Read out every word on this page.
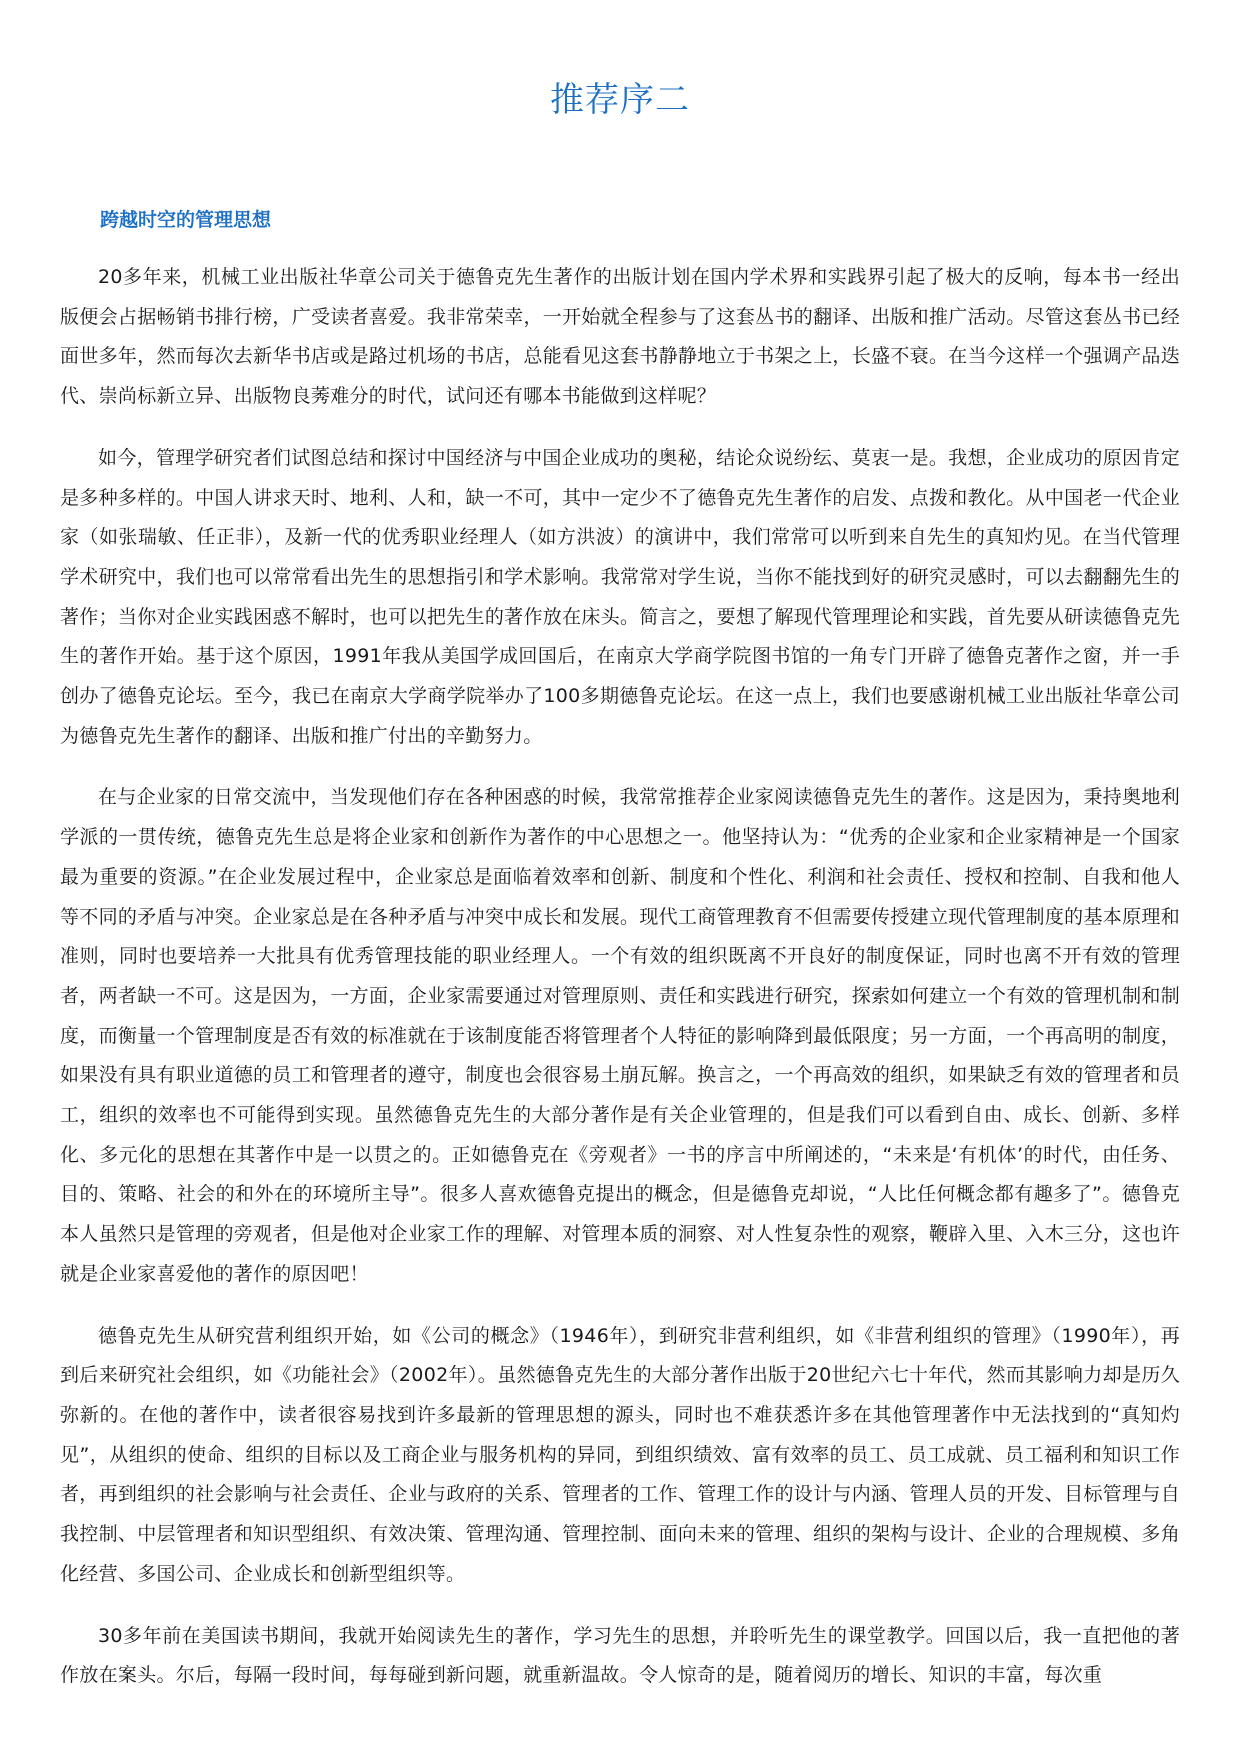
推荐序二
跨越时空的管理思想

20多年来，机械工业出版社华章公司关于德鲁克先生著作的出版计划在国内学术界和实践界引起了极大的反响，每本书一经出版便会占据畅销书排行榜，广受读者喜爱。我非常荣幸，一开始就全程参与了这套丛书的翻译、出版和推广活动。尽管这套丛书已经面世多年，然而每次去新华书店或是路过机场的书店，总能看见这套书静静地立于书架之上，长盛不衰。在当今这样一个强调产品迭代、崇尚标新立异、出版物良莠难分的时代，试问还有哪本书能做到这样呢？

如今，管理学研究者们试图总结和探讨中国经济与中国企业成功的奥秘，结论众说纷纭、莫衷一是。我想，企业成功的原因肯定是多种多样的。中国人讲求天时、地利、人和，缺一不可，其中一定少不了德鲁克先生著作的启发、点拨和教化。从中国老一代企业家（如张瑞敏、任正非），及新一代的优秀职业经理人（如方洪波）的演讲中，我们常常可以听到来自先生的真知灼见。在当代管理学术研究中，我们也可以常常看出先生的思想指引和学术影响。我常常对学生说，当你不能找到好的研究灵感时，可以去翻翻先生的著作；当你对企业实践困惑不解时，也可以把先生的著作放在床头。简言之，要想了解现代管理理论和实践，首先要从研读德鲁克先生的著作开始。基于这个原因，1991年我从美国学成回国后，在南京大学商学院图书馆的一角专门开辟了德鲁克著作之窗，并一手创办了德鲁克论坛。至今，我已在南京大学商学院举办了100多期德鲁克论坛。在这一点上，我们也要感谢机械工业出版社华章公司为德鲁克先生著作的翻译、出版和推广付出的辛勤努力。

在与企业家的日常交流中，当发现他们存在各种困惑的时候，我常常推荐企业家阅读德鲁克先生的著作。这是因为，秉持奥地利学派的一贯传统，德鲁克先生总是将企业家和创新作为著作的中心思想之一。他坚持认为：“优秀的企业家和企业家精神是一个国家最为重要的资源。”在企业发展过程中，企业家总是面临着效率和创新、制度和个性化、利润和社会责任、授权和控制、自我和他人等不同的矛盾与冲突。企业家总是在各种矛盾与冲突中成长和发展。现代工商管理教育不但需要传授建立现代管理制度的基本原理和准则，同时也要培养一大批具有优秀管理技能的职业经理人。一个有效的组织既离不开良好的制度保证，同时也离不开有效的管理者，两者缺一不可。这是因为，一方面，企业家需要通过对管理原则、责任和实践进行研究，探索如何建立一个有效的管理机制和制度，而衡量一个管理制度是否有效的标准就在于该制度能否将管理者个人特征的影响降到最低限度；另一方面，一个再高明的制度，如果没有具有职业道德的员工和管理者的遵守，制度也会很容易土崩瓦解。换言之，一个再高效的组织，如果缺乏有效的管理者和员工，组织的效率也不可能得到实现。虽然德鲁克先生的大部分著作是有关企业管理的，但是我们可以看到自由、成长、创新、多样化、多元化的思想在其著作中是一以贯之的。正如德鲁克在《旁观者》一书的序言中所阐述的，“未来是‘有机体’的时代，由任务、目的、策略、社会的和外在的环境所主导”。很多人喜欢德鲁克提出的概念，但是德鲁克却说，“人比任何概念都有趣多了”。德鲁克本人虽然只是管理的旁观者，但是他对企业家工作的理解、对管理本质的洞察、对人性复杂性的观察，鞭辟入里、入木三分，这也许就是企业家喜爱他的著作的原因吧！

德鲁克先生从研究营利组织开始，如《公司的概念》（1946年），到研究非营利组织，如《非营利组织的管理》（1990年），再到后来研究社会组织，如《功能社会》（2002年）。虽然德鲁克先生的大部分著作出版于20世纪六七十年代，然而其影响力却是历久弥新的。在他的著作中，读者很容易找到许多最新的管理思想的源头，同时也不难获悉许多在其他管理著作中无法找到的“真知灼见”，从组织的使命、组织的目标以及工商企业与服务机构的异同，到组织绩效、富有效率的员工、员工成就、员工福利和知识工作者，再到组织的社会影响与社会责任、企业与政府的关系、管理者的工作、管理工作的设计与内涵、管理人员的开发、目标管理与自我控制、中层管理者和知识型组织、有效决策、管理沟通、管理控制、面向未来的管理、组织的架构与设计、企业的合理规模、多角化经营、多国公司、企业成长和创新型组织等。

30多年前在美国读书期间，我就开始阅读先生的著作，学习先生的思想，并聆听先生的课堂教学。回国以后，我一直把他的著作放在案头。尔后，每隔一段时间，每每碰到新问题，就重新温故。令人惊奇的是，随着阅历的增长、知识的丰富，每次重
